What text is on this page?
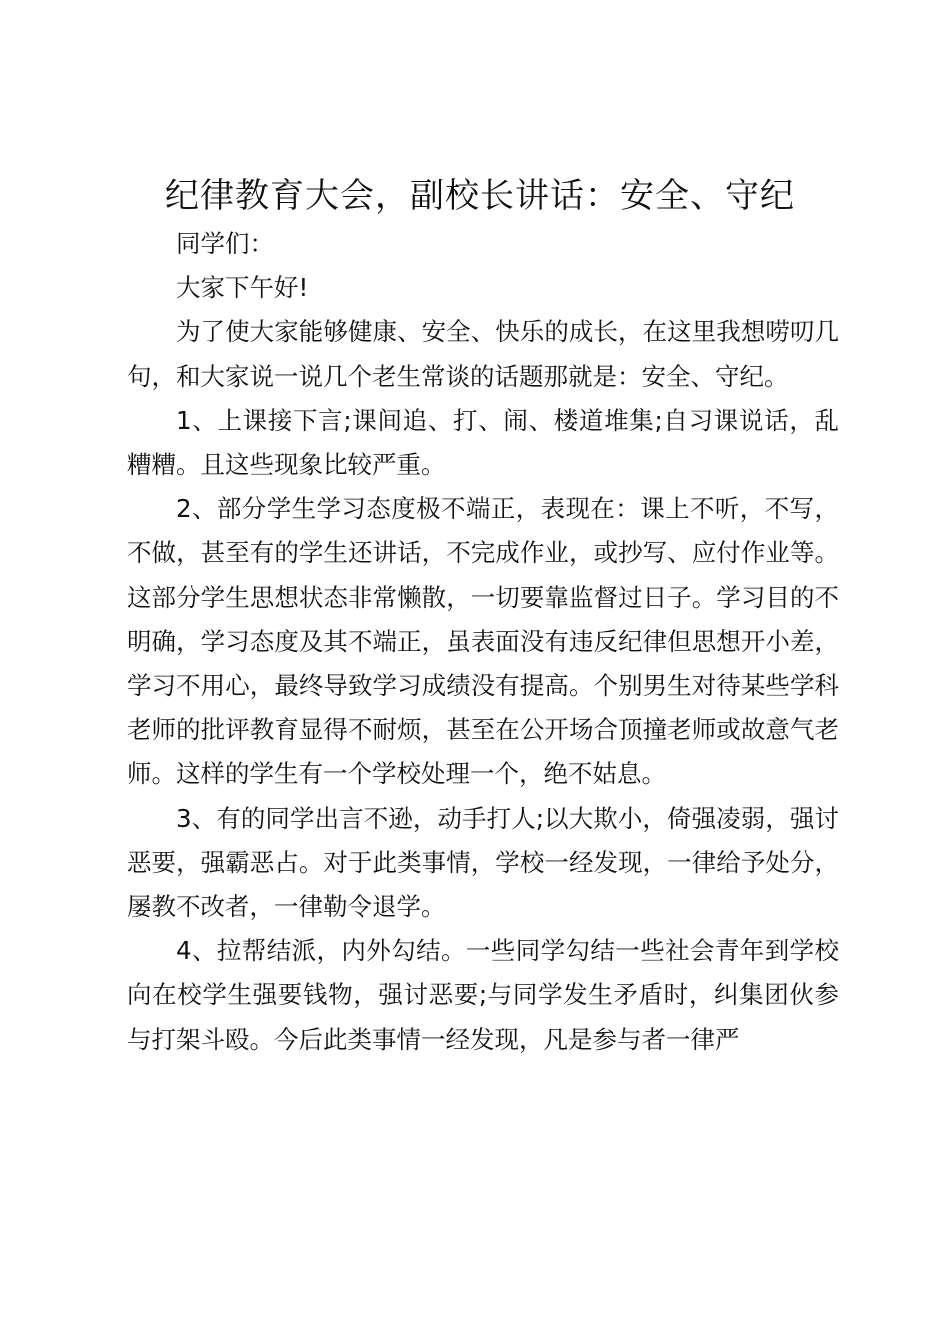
纪律教育大会，副校长讲话：安全、守纪

同学们：

大家下午好!

为了使大家能够健康、安全、快乐的成长，在这里我想唠叨几句，和大家说一说几个老生常谈的话题那就是：安全、守纪。

1、上课接下言;课间追、打、闹、楼道堆集;自习课说话，乱糟糟。且这些现象比较严重。

2、部分学生学习态度极不端正，表现在：课上不听，不写，不做，甚至有的学生还讲话，不完成作业，或抄写、应付作业等。这部分学生思想状态非常懒散，一切要靠监督过日子。学习目的不明确，学习态度及其不端正，虽表面没有违反纪律但思想开小差，学习不用心，最终导致学习成绩没有提高。个别男生对待某些学科老师的批评教育显得不耐烦，甚至在公开场合顶撞老师或故意气老师。这样的学生有一个学校处理一个，绝不姑息。

3、有的同学出言不逊，动手打人;以大欺小，倚强凌弱，强讨恶要，强霸恶占。对于此类事情，学校一经发现，一律给予处分，屡教不改者，一律勒令退学。

4、拉帮结派，内外勾结。一些同学勾结一些社会青年到学校向在校学生强要钱物，强讨恶要;与同学发生矛盾时，纠集团伙参与打架斗殴。今后此类事情一经发现，凡是参与者一律严
